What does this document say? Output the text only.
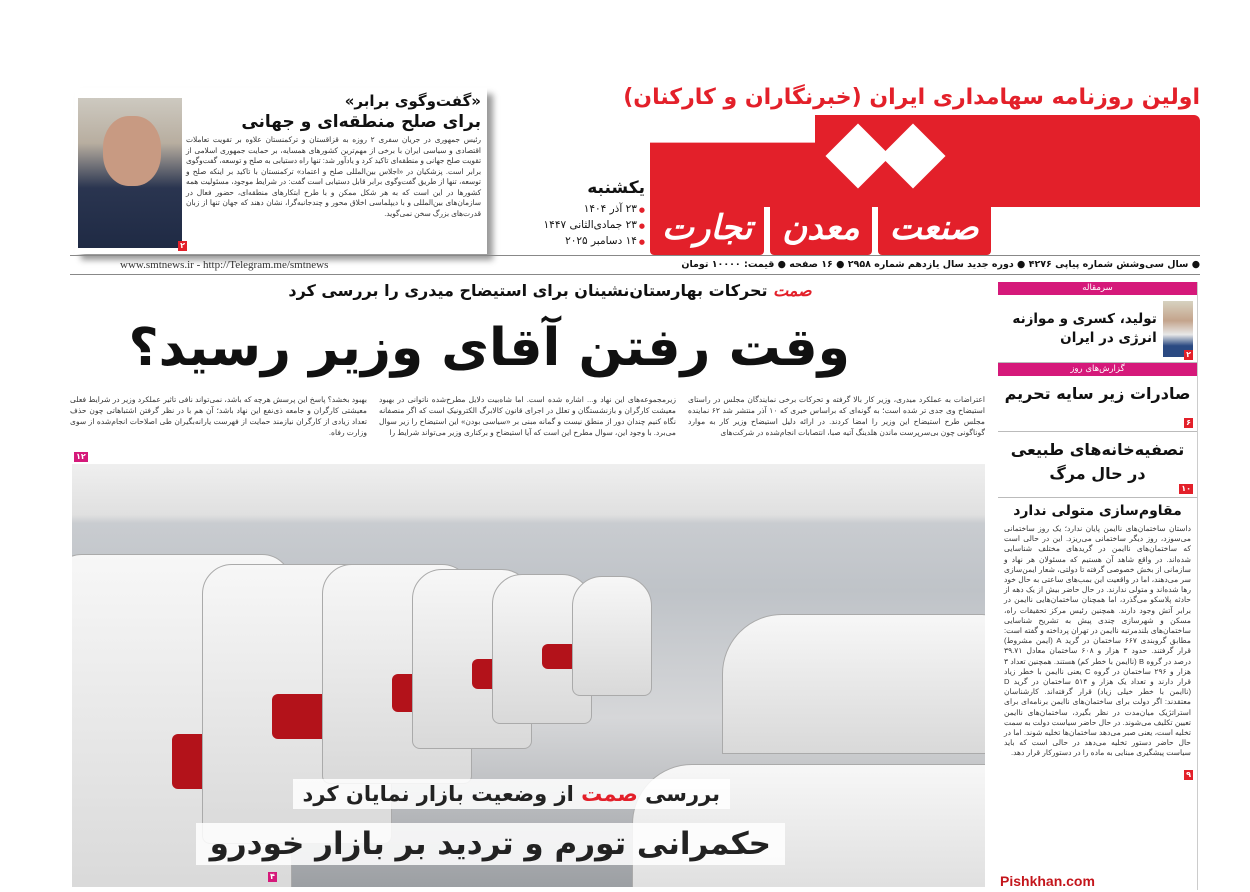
اولین روزنامه سهامداری ایران (خبرنگاران و کارکنان)
صنعت
معدن
تجارت
یکشنبه
● ۲۳ آذر ۱۴۰۴
● ۲۳ جمادی‌الثانی ۱۴۴۷
● ۱۴ دسامبر ۲۰۲۵
«گفت‌وگوی برابر»
برای صلح منطقه‌ای و جهانی

رئیس جمهوری در جریان سفری ۲ روزه به قزاقستان و ترکمنستان علاوه بر تقویت تعاملات اقتصادی و سیاسی ایران با برخی از مهم‌ترین کشورهای همسایه، بر حمایت جمهوری اسلامی از تقویت صلح جهانی و منطقه‌ای تاکید کرد و یادآور شد: تنها راه دستیابی به صلح و توسعه، گفت‌وگوی برابر است. پزشکیان در «اجلاس بین‌المللی صلح و اعتماد» ترکمنستان با تاکید بر اینکه صلح و توسعه، تنها از طریق گفت‌وگوی برابر قابل دستیابی است گفت: در شرایط موجود، مسئولیت همه کشورها در این است که به هر شکل ممکن و با طرح ابتکارهای منطقه‌ای، حضور فعال در سازمان‌های بین‌المللی و با دیپلماسی اخلاق محور و چندجانبه‌گرا، نشان دهند که جهان تنها از زبان قدرت‌های بزرگ سخن نمی‌گوید.

۲
● سال سی‌وشش شماره پیاپی ۴۲۷۶ ● دوره جدید سال یازدهم شماره ۲۹۵۸ ● ۱۶ صفحه ● قیمت: ۱۰۰۰۰ تومان
www.smtnews.ir - http://Telegram.me/smtnews
صمت تحرکات بهارستان‌نشینان برای استیضاح میدری را بررسی کرد
وقت رفتن آقای وزیر رسید؟

اعتراضات به عملکرد میدری، وزیر کار بالا گرفته و تحرکات برخی نمایندگان مجلس در راستای استیضاح وی جدی تر شده است؛ به گونه‌ای که براساس خبری که ۱۰ آذر منتشر شد ۶۲ نماینده مجلس طرح استیضاح این وزیر را امضا کردند. در ارائه دلیل استیضاح وزیر کار به موارد گوناگونی چون بی‌سرپرست ماندن هلدینگ آتیه صبا، انتصابات انجام‌شده در شرکت‌های

زیرمجموعه‌های این نهاد و... اشاره شده است. اما شاه‌بیت دلایل مطرح‌شده ناتوانی در بهبود معیشت کارگران و بازنشستگان و تعلل در اجرای قانون کالابرگ الکترونیک است که اگر منصفانه نگاه کنیم چندان دور از منطق نیست و گمانه مبنی بر «سیاسی بودن» این استیضاح را زیر سوال می‌برد. با وجود این، سوال مطرح این است که آیا استیضاح و برکناری وزیر می‌تواند شرایط را

بهبود بخشد؟ پاسخ این پرسش هرچه که باشد، نمی‌تواند نافی تاثیر عملکرد وزیر در شرایط فعلی معیشتی کارگران و جامعه ذی‌نفع این نهاد باشد؛ آن هم با در نظر گرفتن اشتباهاتی چون حذف تعداد زیادی از کارگران نیازمند حمایت از فهرست یارانه‌بگیران طی اصلاحات انجام‌شده از سوی وزارت رفاه.

۱۲
بررسی صمت از وضعیت بازار نمایان کرد
حکمرانی تورم و تردید بر بازار خودرو
۴
سرمقاله
تولید، کسری و موازنه انرژی در ایران
۲
گزارش‌های روز
صادرات زیر سایه تحریم
۶
تصفیه‌خانه‌های طبیعی در حال مرگ
۱۰
مقاوم‌سازی متولی ندارد

داستان ساختمان‌های ناایمن پایان ندارد؛ یک روز ساختمانی می‌سوزد، روز دیگر ساختمانی می‌ریزد. این در حالی است که ساختمان‌های ناایمن در گریدهای مختلف شناسایی شده‌اند. در واقع شاهد آن هستیم که مسئولان هر نهاد و سازمانی از بخش خصوصی گرفته تا دولتی، شعار ایمن‌سازی سر می‌دهند، اما در واقعیت این بمب‌های ساعتی به حال خود رها شده‌اند و متولی ندارند. در حال حاضر بیش از یک دهه از حادثه پلاسکو می‌گذرد، اما همچنان ساختمان‌هایی ناایمن در برابر آتش وجود دارند. همچنین رئیس مرکز تحقیقات راه، مسکن و شهرسازی چندی پیش به تشریح شناسایی ساختمان‌های بلندمرتبه ناایمن در تهران پرداخته و گفته است: مطابق گروبندی ۶۶۷ ساختمان در گرید A (ایمن مشروط) قرار گرفتند. حدود ۳ هزار و ۶۰۸ ساختمان معادل ۳۹.۷۱ درصد در گروه B (ناایمن با خطر کم) هستند. همچنین تعداد ۳ هزار و ۲۹۶ ساختمان در گروه C یعنی ناایمن با خطر زیاد قرار دارند و تعداد یک هزار و ۵۱۴ ساختمان در گرید D (ناایمن با خطر خیلی زیاد) قرار گرفته‌اند. کارشناسان معتقدند: اگر دولت برای ساختمان‌های ناایمن برنامه‌ای برای استراتژیک میان‌مدت در نظر بگیرد، ساختمان‌های ناایمن تعیین تکلیف می‌شوند. در حال حاضر سیاست دولت به سمت تخلیه است، یعنی صبر می‌دهد ساختمان‌ها تخلیه شوند. اما در حال حاضر دستور تخلیه می‌دهد در حالی است که باید سیاست پیشگیری مبنایی به ماده را در دستورکار قرار دهد.

۹
Pishkhan.com
